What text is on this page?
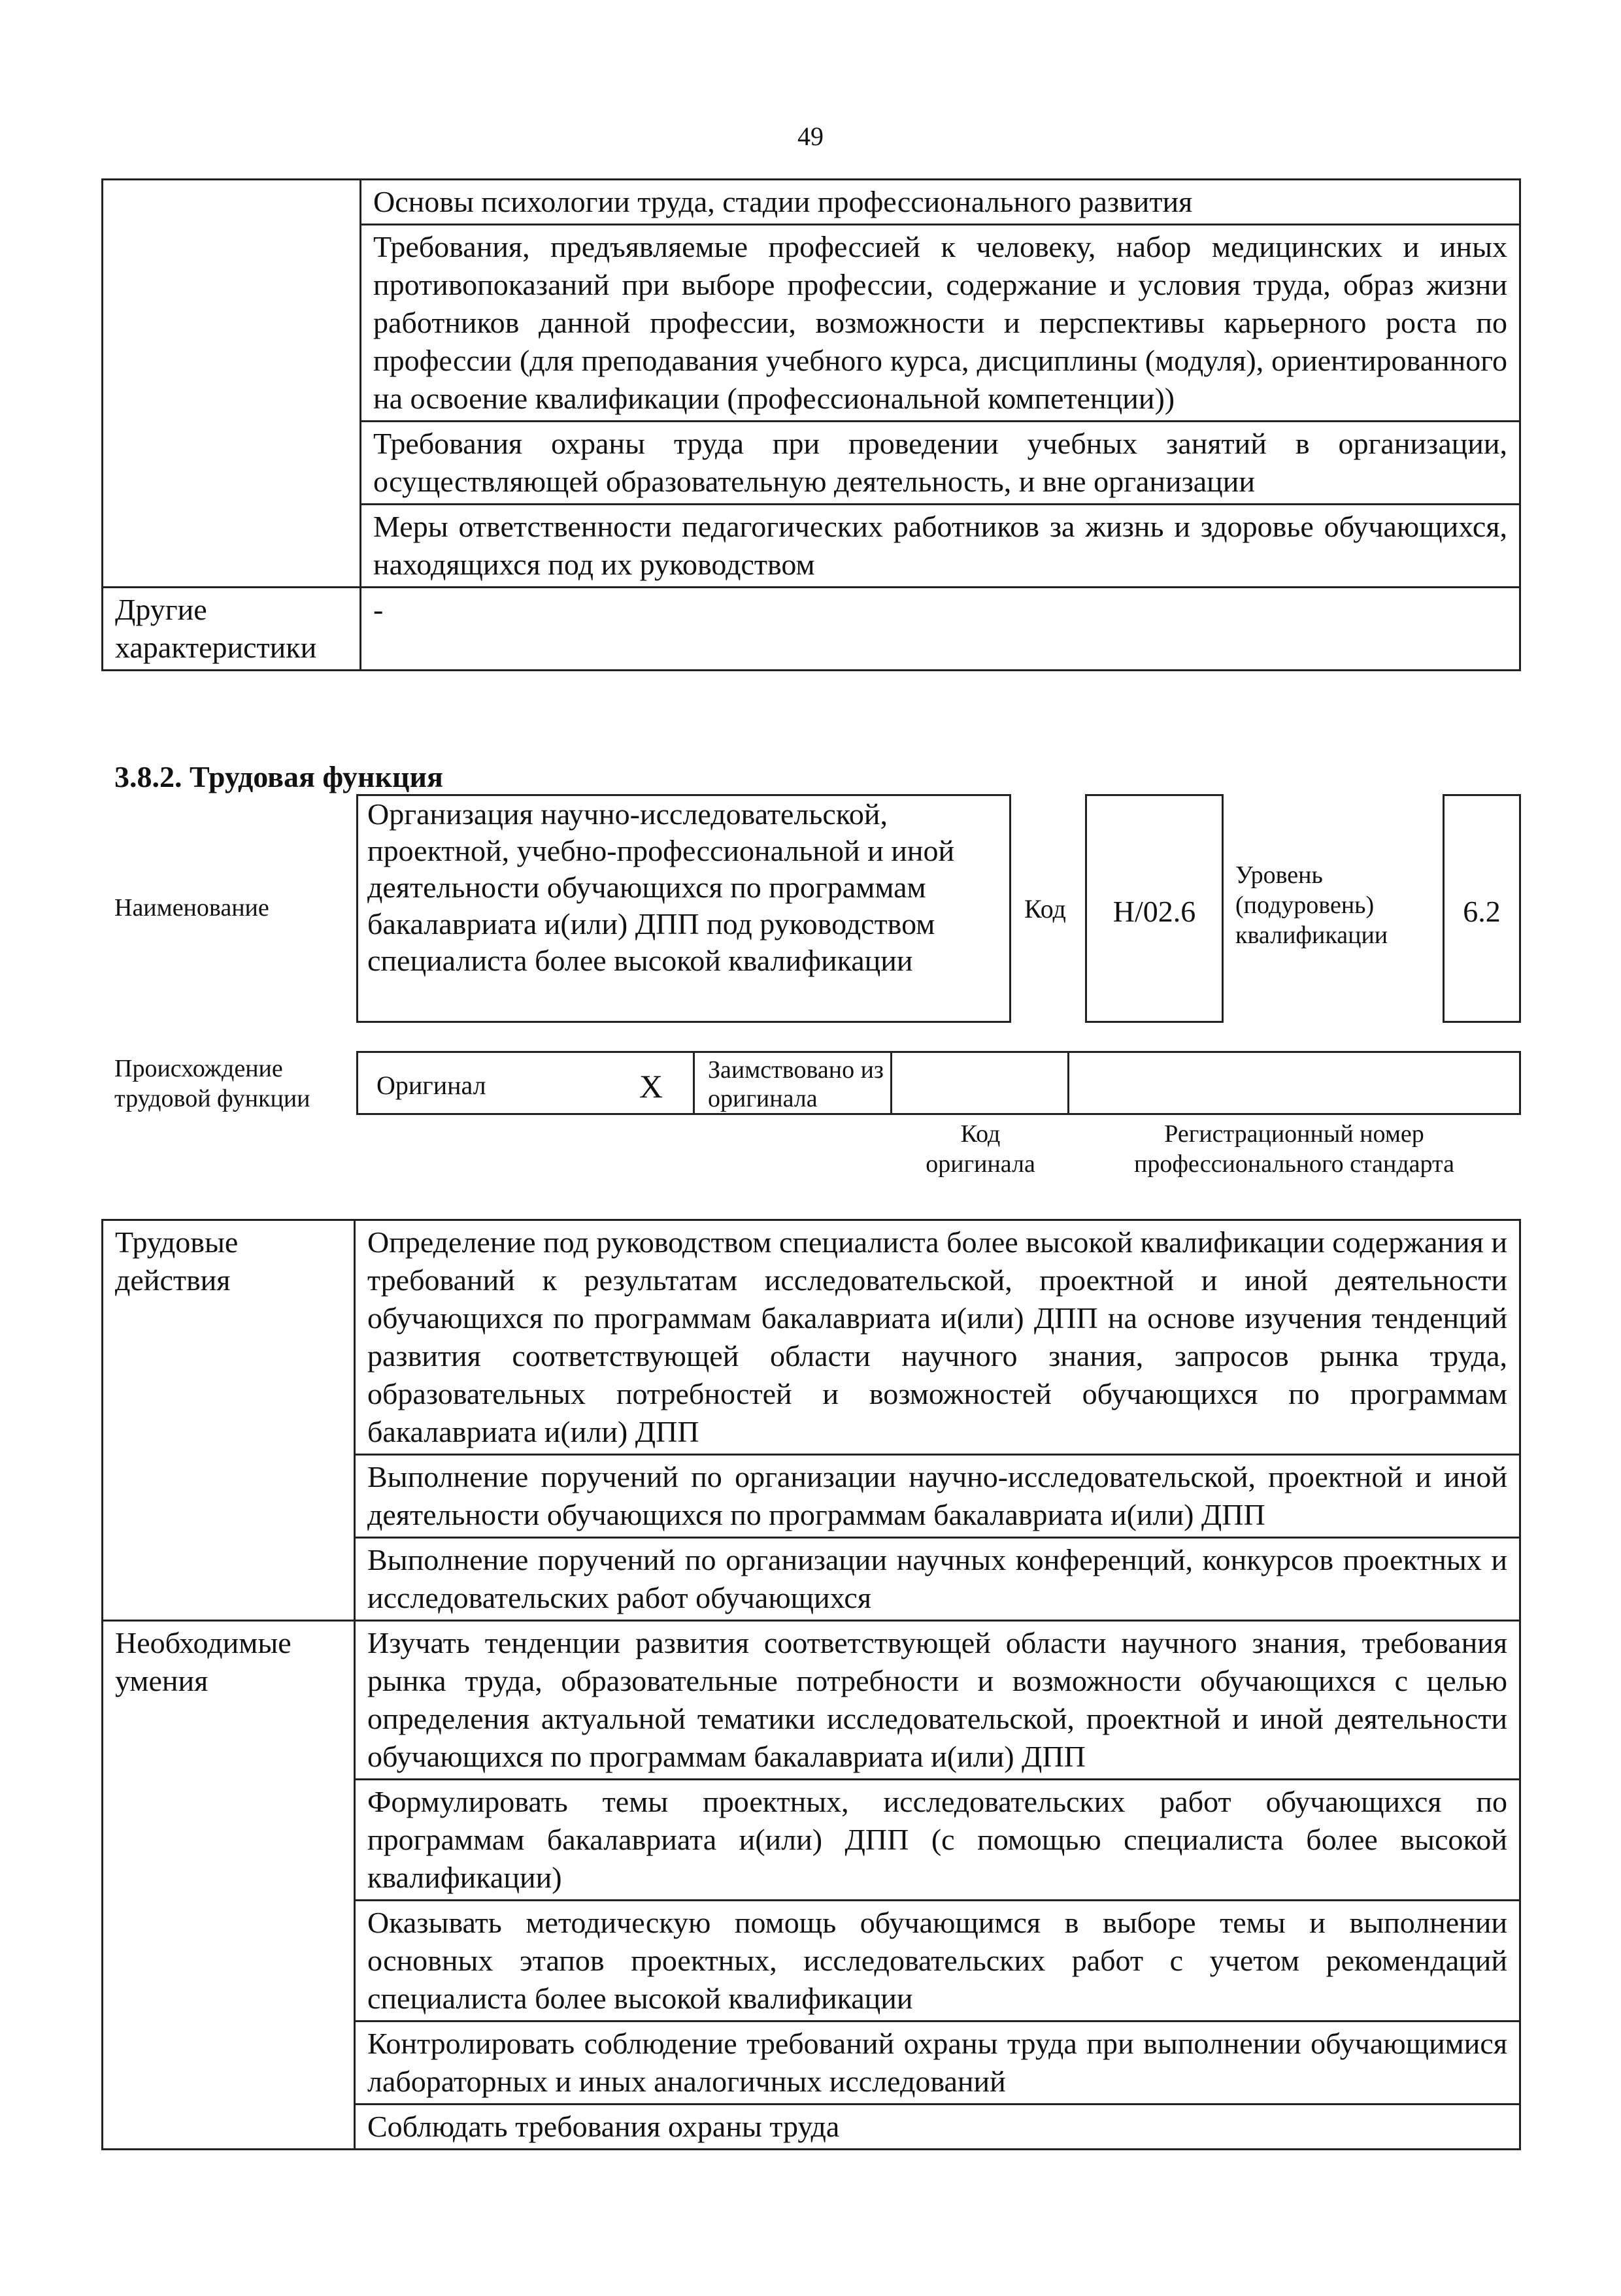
49
	Основы психологии труда, стадии профессионального развития
	Требования, предъявляемые профессией к человеку, набор медицинских и иных противопоказаний при выборе профессии, содержание и условия труда, образ жизни работников данной профессии, возможности и перспективы карьерного роста по профессии (для преподавания учебного курса, дисциплины (модуля), ориентированного на освоение квалификации (профессиональной компетенции))
	Требования охраны труда при проведении учебных занятий в организации, осуществляющей образовательную деятельность, и вне организации
	Меры ответственности педагогических работников за жизнь и здоровье обучающихся, находящихся под их руководством
Другие характеристики	-
3.8.2. Трудовая функция
Наименование
Организация научно-исследовательской, проектной, учебно-профессиональной и иной деятельности обучающихся по программам бакалавриата и(или) ДПП под руководством специалиста более высокой квалификации
Код	H/02.6
Уровень (подуровень) квалификации
6.2
Происхождение трудовой функции	Оригинал	X Заимствовано из оригинала
Код оригинала
Регистрационный номер профессионального стандарта
Трудовые действия	Определение под руководством специалиста более высокой квалификации содержания и требований к результатам исследовательской, проектной и иной деятельности обучающихся по программам бакалавриата и(или) ДПП на основе изучения тенденций развития соответствующей области научного знания, запросов рынка труда, образовательных потребностей и возможностей обучающихся по программам бакалавриата и(или) ДПП
	Выполнение поручений по организации научно-исследовательской, проектной и иной деятельности обучающихся по программам бакалавриата и(или) ДПП
	Выполнение поручений по организации научных конференций, конкурсов проектных и исследовательских работ обучающихся
Необходимые умения	Изучать тенденции развития соответствующей области научного знания, требования рынка труда, образовательные потребности и возможности обучающихся с целью определения актуальной тематики исследовательской, проектной и иной деятельности обучающихся по программам бакалавриата и(или) ДПП
	Формулировать темы проектных, исследовательских работ обучающихся по программам бакалавриата и(или) ДПП (с помощью специалиста более высокой квалификации)
	Оказывать методическую помощь обучающимся в выборе темы и выполнении основных этапов проектных, исследовательских работ с учетом рекомендаций специалиста более высокой квалификации
	Контролировать соблюдение требований охраны труда при выполнении обучающимися лабораторных и иных аналогичных исследований
	Соблюдать требования охраны труда
